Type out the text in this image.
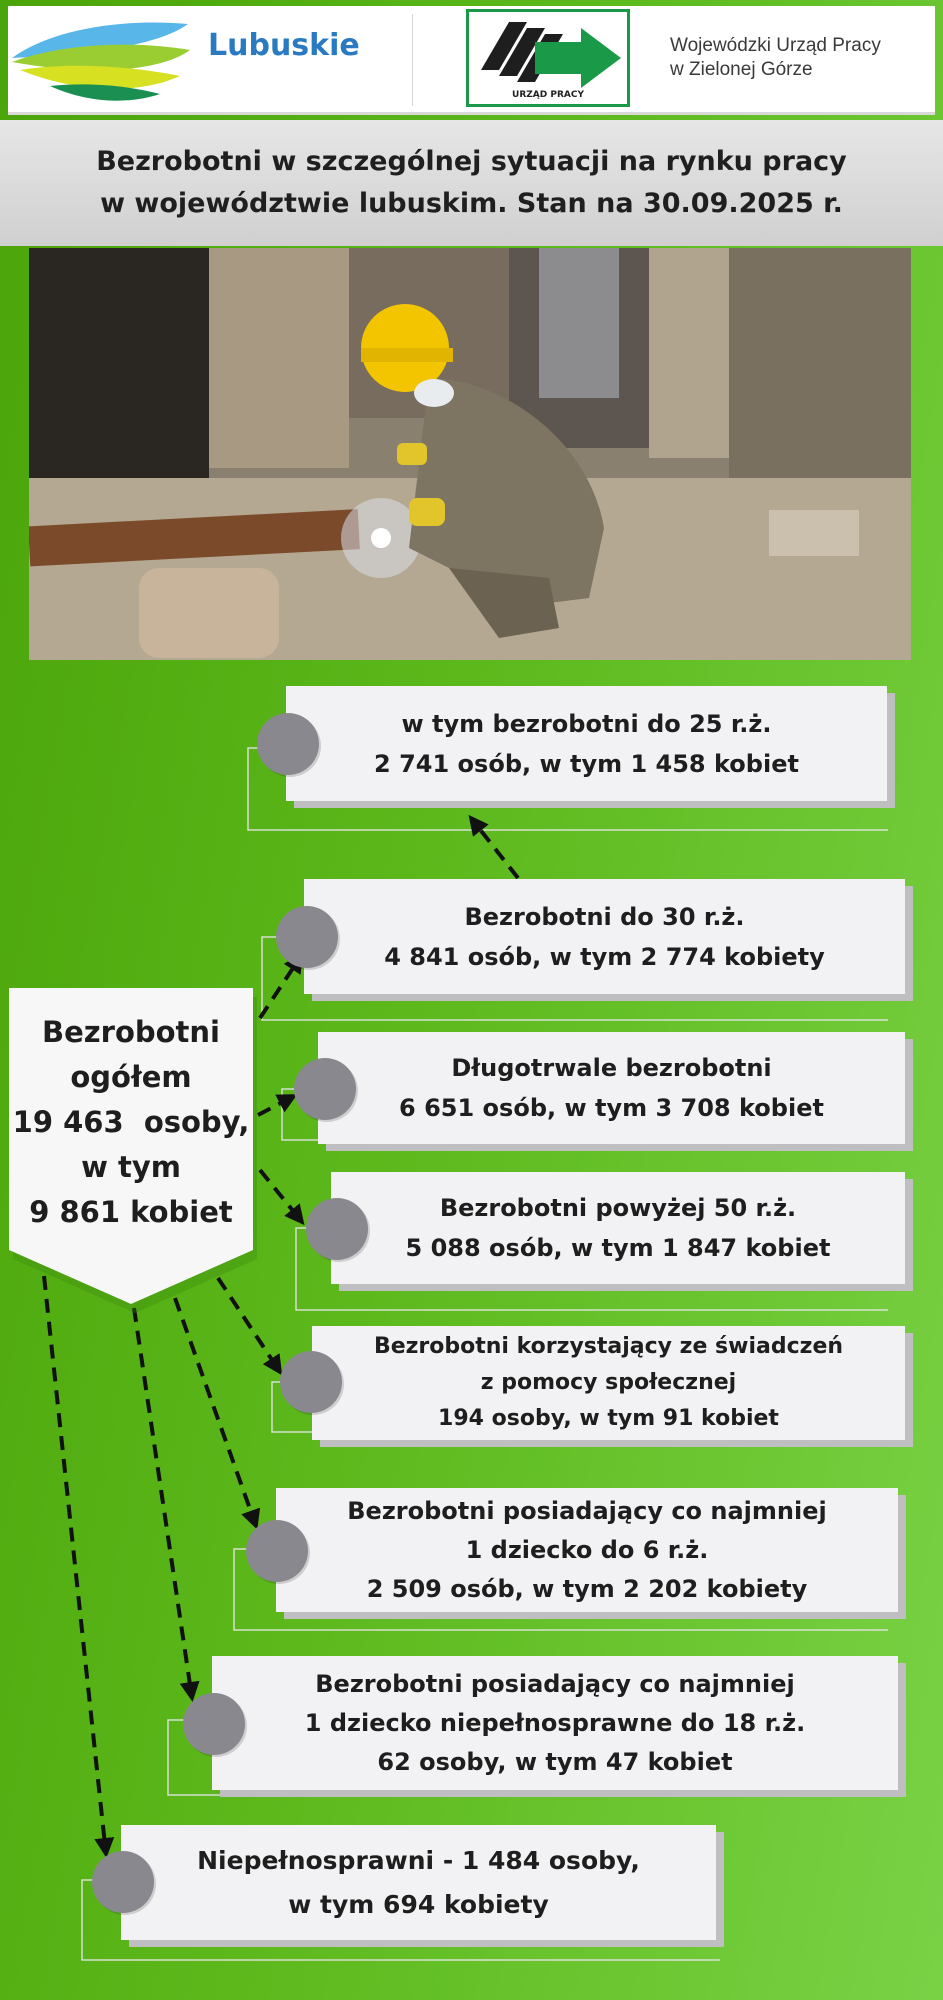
Lubuskie
URZĄD PRACY
Wojewódzki Urząd Pracy
w Zielonej Górze
Bezrobotni w szczególnej sytuacji na rynku pracy
w województwie lubuskim. Stan na 30.09.2025 r.
Bezrobotni
ogółem
19 463  osoby,
w tym
9 861 kobiet
w tym bezrobotni do 25 r.ż.
2 741 osób, w tym 1 458 kobiet
Bezrobotni do 30 r.ż.
4 841 osób, w tym 2 774 kobiety
Długotrwale bezrobotni
6 651 osób, w tym 3 708 kobiet
Bezrobotni powyżej 50 r.ż.
5 088 osób, w tym 1 847 kobiet
Bezrobotni korzystający ze świadczeń
z pomocy społecznej
194 osoby, w tym 91 kobiet
Bezrobotni posiadający co najmniej
1 dziecko do 6 r.ż.
2 509 osób, w tym 2 202 kobiety
Bezrobotni posiadający co najmniej
1 dziecko niepełnosprawne do 18 r.ż.
62 osoby, w tym 47 kobiet
Niepełnosprawni - 1 484 osoby,
w tym 694 kobiety
